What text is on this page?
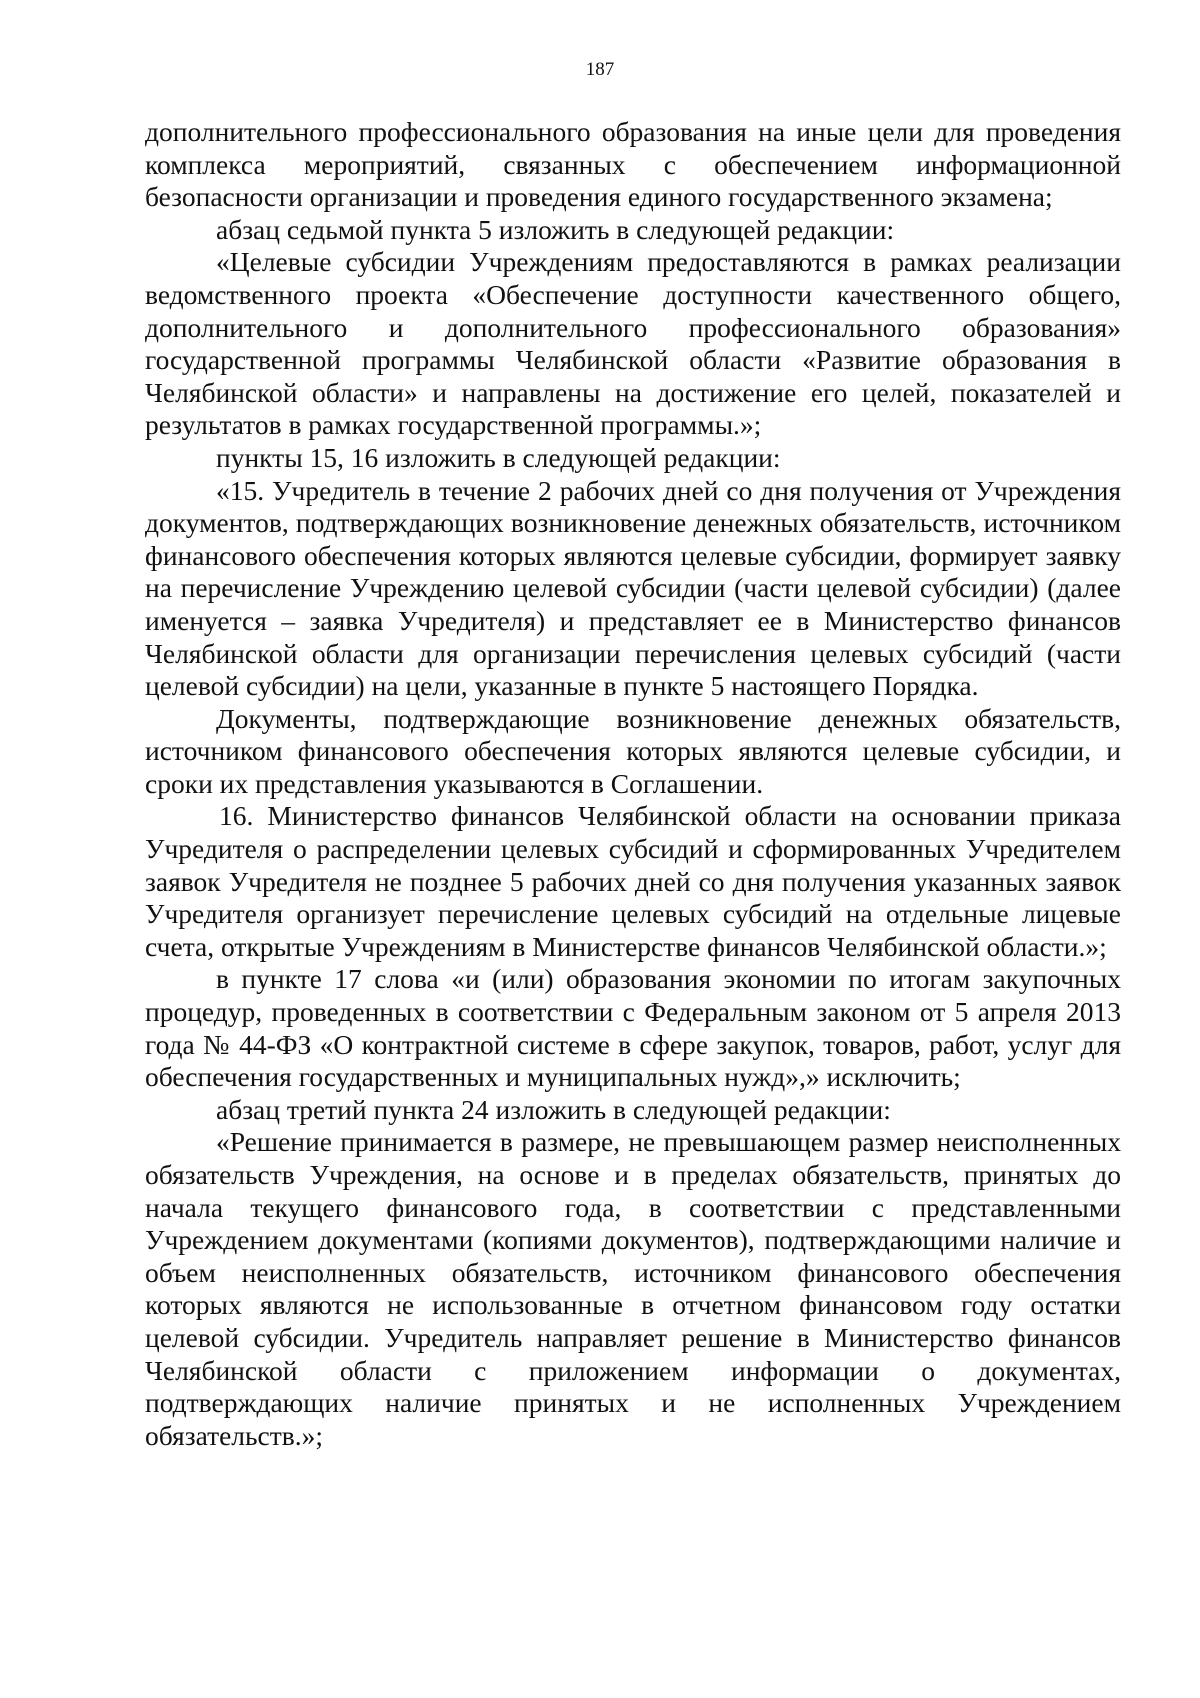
187

дополнительного профессионального образования на иные цели для проведения комплекса мероприятий, связанных с обеспечением информационной безопасности организации и проведения единого государственного экзамена;

абзац седьмой пункта 5 изложить в следующей редакции:

«Целевые субсидии Учреждениям предоставляются в рамках реализации ведомственного проекта «Обеспечение доступности качественного общего, дополнительного и дополнительного профессионального образования» государственной программы Челябинской области «Развитие образования в Челябинской области» и направлены на достижение его целей, показателей и результатов в рамках государственной программы.»;

пункты 15, 16 изложить в следующей редакции:

«15. Учредитель в течение 2 рабочих дней со дня получения от Учреждения документов, подтверждающих возникновение денежных обязательств, источником финансового обеспечения которых являются целевые субсидии, формирует заявку на перечисление Учреждению целевой субсидии (части целевой субсидии) (далее именуется – заявка Учредителя) и представляет ее в Министерство финансов Челябинской области для организации перечисления целевых субсидий (части целевой субсидии) на цели, указанные в пункте 5 настоящего Порядка.

Документы, подтверждающие возникновение денежных обязательств, источником финансового обеспечения которых являются целевые субсидии, и сроки их представления указываются в Соглашении.

16. Министерство финансов Челябинской области на основании приказа Учредителя о распределении целевых субсидий и сформированных Учредителем заявок Учредителя не позднее 5 рабочих дней со дня получения указанных заявок Учредителя организует перечисление целевых субсидий на отдельные лицевые счета, открытые Учреждениям в Министерстве финансов Челябинской области.»;

в пункте 17 слова «и (или) образования экономии по итогам закупочных процедур, проведенных в соответствии с Федеральным законом от 5 апреля 2013 года № 44-ФЗ «О контрактной системе в сфере закупок, товаров, работ, услуг для обеспечения государственных и муниципальных нужд»,» исключить;

абзац третий пункта 24 изложить в следующей редакции:

«Решение принимается в размере, не превышающем размер неисполненных обязательств Учреждения, на основе и в пределах обязательств, принятых до начала текущего финансового года, в соответствии с представленными Учреждением документами (копиями документов), подтверждающими наличие и объем неисполненных обязательств, источником финансового обеспечения которых являются не использованные в отчетном финансовом году остатки целевой субсидии. Учредитель направляет решение в Министерство финансов Челябинской области с приложением информации о документах, подтверждающих наличие принятых и не исполненных Учреждением обязательств.»;
